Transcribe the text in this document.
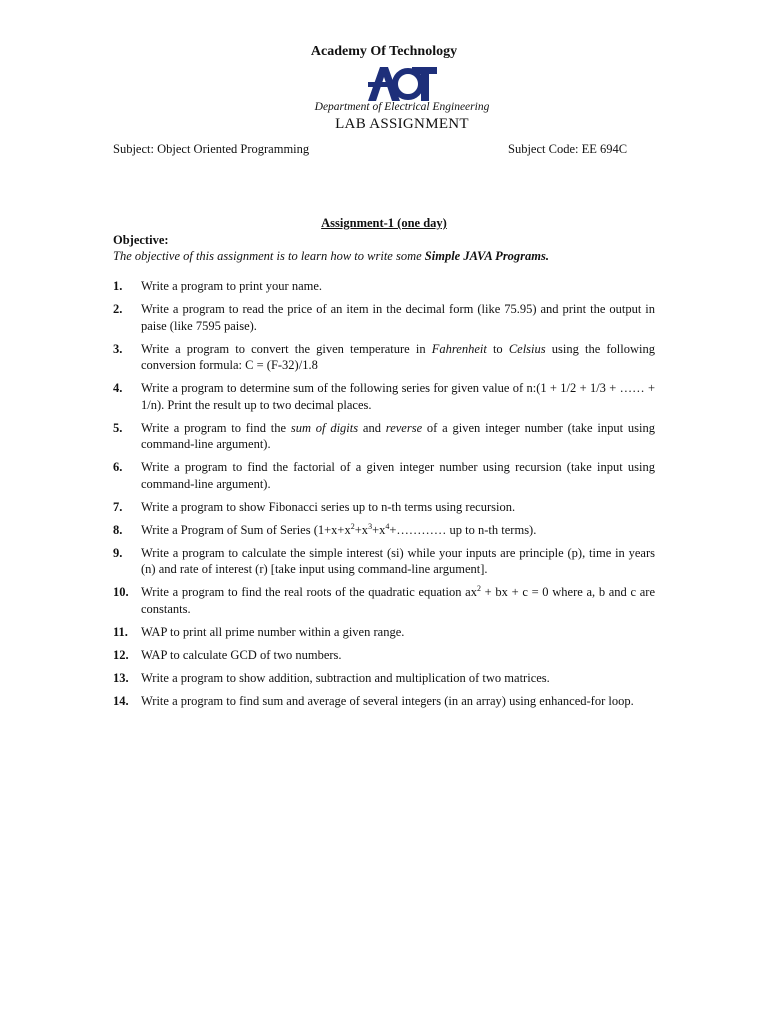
Academy Of Technology
Department of Electrical Engineering
LAB ASSIGNMENT
Subject: Object Oriented Programming	Subject Code: EE 694C
Assignment-1 (one day)
Objective:
The objective of this assignment is to learn how to write some Simple JAVA Programs.
1.	Write a program to print your name.
2.	Write a program to read the price of an item in the decimal form (like 75.95) and print the output in paise (like 7595 paise).
3.	Write a program to convert the given temperature in Fahrenheit to Celsius using the following conversion formula: C = (F-32)/1.8
4.	Write a program to determine sum of the following series for given value of n:(1 + 1/2 + 1/3 + …… + 1/n). Print the result up to two decimal places.
5.	Write a program to find the sum of digits and reverse of a given integer number (take input using command-line argument).
6.	Write a program to find the factorial of a given integer number using recursion (take input using command-line argument).
7.	Write a program to show Fibonacci series up to n-th terms using recursion.
8.	Write a Program of Sum of Series ($1+x+x^2+x^3+x^4+\dots\dots\dots\dots$ up to n-th terms).
9.	Write a program to calculate the simple interest (si) while your inputs are principle (p), time in years (n) and rate of interest (r) [take input using command-line argument].
10. Write a program to find the real roots of the quadratic equation $ax^2$ + bx + c = 0 where a, b and c are constants.
11.	WAP to print all prime number within a given range.
12. WAP to calculate GCD of two numbers.
13. Write a program to show addition, subtraction and multiplication of two matrices.
14. Write a program to find sum and average of several integers (in an array) using enhanced-for loop.
